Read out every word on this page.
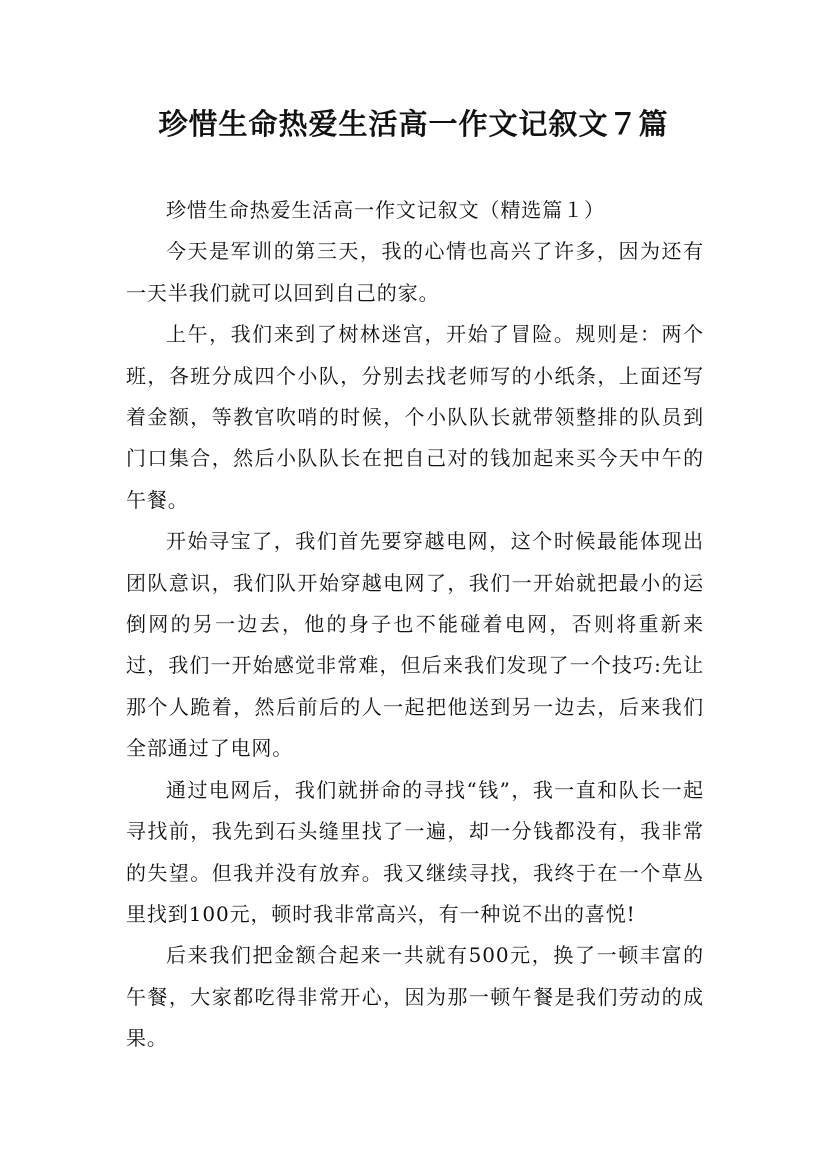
珍惜生命热爱生活高一作文记叙文７篇

珍惜生命热爱生活高一作文记叙文（精选篇１）

今天是军训的第三天，我的心情也高兴了许多，因为还有一天半我们就可以回到自己的家。

上午，我们来到了树林迷宫，开始了冒险。规则是：两个班，各班分成四个小队，分别去找老师写的小纸条，上面还写着金额，等教官吹哨的时候，个小队队长就带领整排的队员到门口集合，然后小队队长在把自己对的钱加起来买今天中午的午餐。

开始寻宝了，我们首先要穿越电网，这个时候最能体现出团队意识，我们队开始穿越电网了，我们一开始就把最小的运倒网的另一边去，他的身子也不能碰着电网，否则将重新来过，我们一开始感觉非常难，但后来我们发现了一个技巧:先让那个人跪着，然后前后的人一起把他送到另一边去，后来我们全部通过了电网。

通过电网后，我们就拼命的寻找“钱”，我一直和队长一起寻找前，我先到石头缝里找了一遍，却一分钱都没有，我非常的失望。但我并没有放弃。我又继续寻找，我终于在一个草丛里找到100元，顿时我非常高兴，有一种说不出的喜悦!

后来我们把金额合起来一共就有500元，换了一顿丰富的午餐，大家都吃得非常开心，因为那一顿午餐是我们劳动的成果。
